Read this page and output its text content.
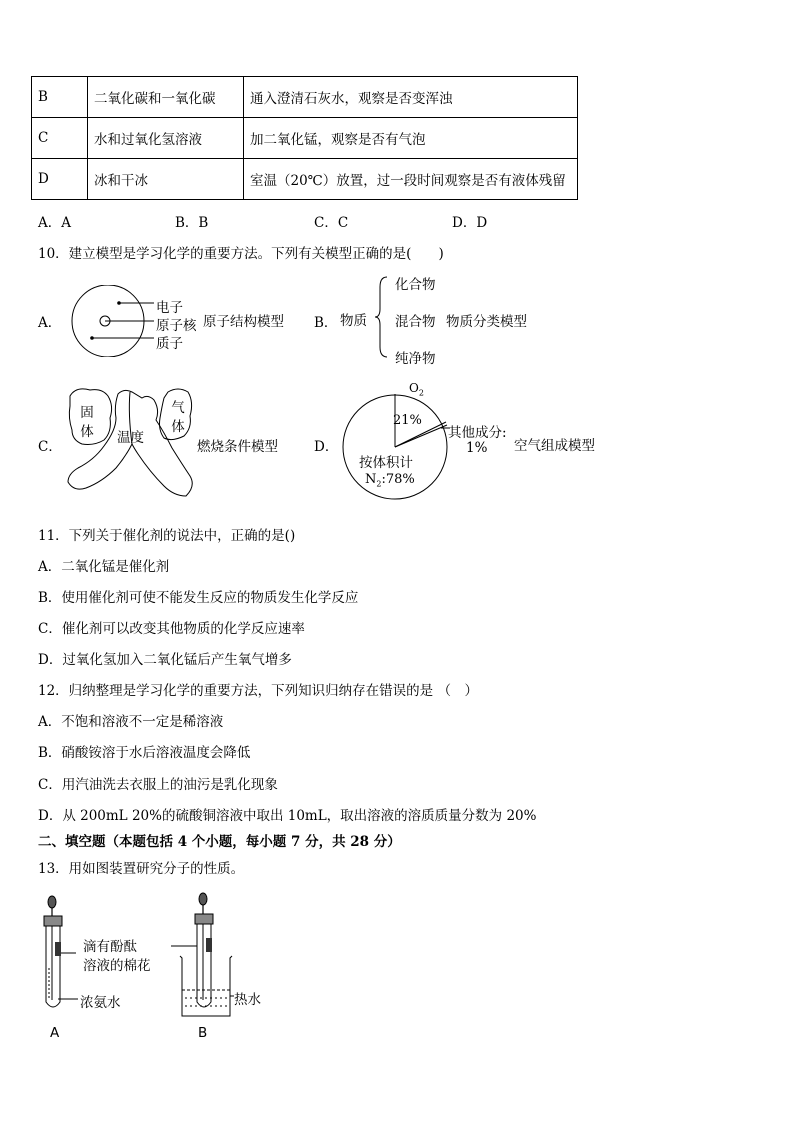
B	二氧化碳和一氧化碳	通入澄清石灰水，观察是否变浑浊
C	水和过氧化氢溶液	加二氧化锰，观察是否有气泡
D	冰和干冰	室温（20℃）放置，过一段时间观察是否有液体残留
A．A	B．B	C．C	D．D
10．建立模型是学习化学的重要方法。下列有关模型正确的是(　　)
A．
电子
原子核
质子
原子结构模型 B． 物质
化合物
混合物 物质分类模型
纯净物
C．
固体
气体
温度
燃烧条件模型	D．
$O_2$
21%
其他成分:
1%
按体积计
$N_2:78\%$
空气组成模型
11．下列关于催化剂的说法中，正确的是()
A．二氧化锰是催化剂
B．使用催化剂可使不能发生反应的物质发生化学反应
C．催化剂可以改变其他物质的化学反应速率
D．过氧化氢加入二氧化锰后产生氧气增多
12．归纳整理是学习化学的重要方法，下列知识归纳存在错误的是 （　）
A．不饱和溶液不一定是稀溶液
B．硝酸铵溶于水后溶液温度会降低
C．用汽油洗去衣服上的油污是乳化现象
D．从 200mL 20%的硫酸铜溶液中取出 10mL，取出溶液的溶质质量分数为 20%
二、填空题（本题包括 4 个小题，每小题 7 分，共 28 分）
13．用如图装置研究分子的性质。
滴有酚酞
溶液的棉花
浓氨水	热水
A	B
